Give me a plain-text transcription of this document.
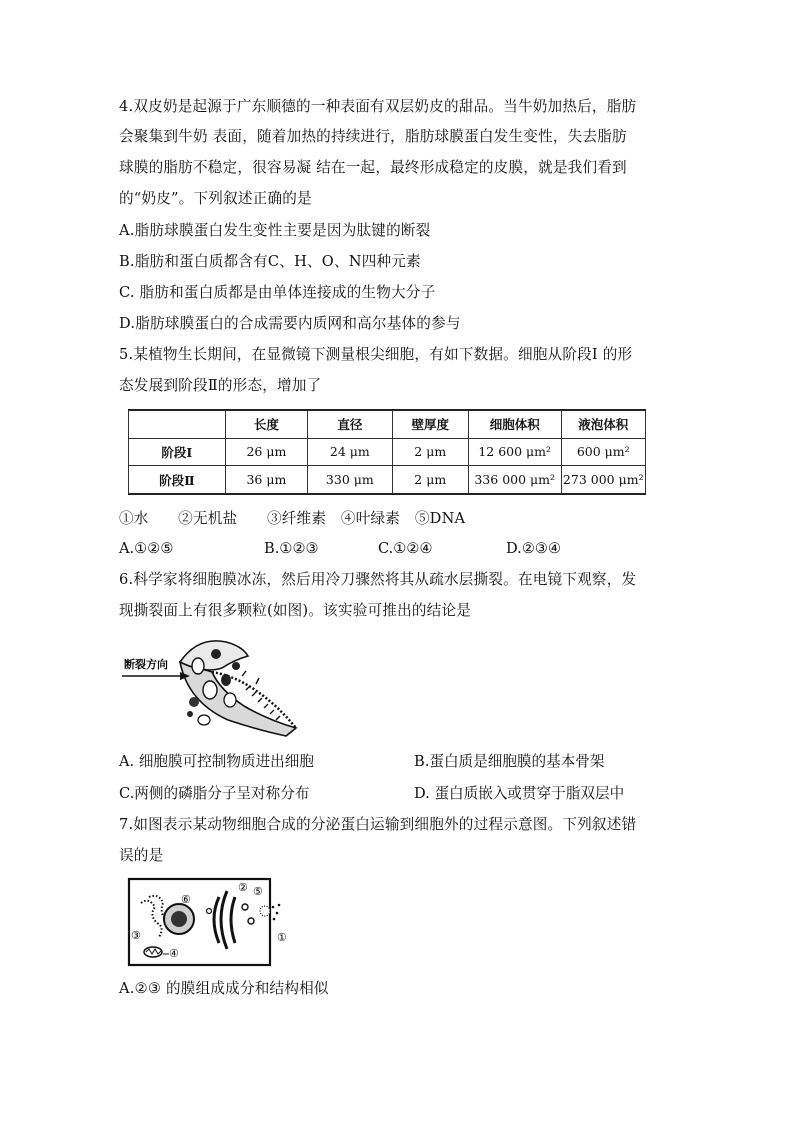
4.双皮奶是起源于广东顺德的一种表面有双层奶皮的甜品。当牛奶加热后，脂肪
会聚集到牛奶 表面，随着加热的持续进行，脂肪球膜蛋白发生变性，失去脂肪
球膜的脂肪不稳定，很容易凝 结在一起，最终形成稳定的皮膜，就是我们看到
的“奶皮”。下列叙述正确的是
A.脂肪球膜蛋白发生变性主要是因为肽键的断裂
B.脂肪和蛋白质都含有C、H、O、N四种元素
C. 脂肪和蛋白质都是由单体连接成的生物大分子
D.脂肪球膜蛋白的合成需要内质网和高尔基体的参与
5.某植物生长期间，在显微镜下测量根尖细胞，有如下数据。细胞从阶段I 的形
态发展到阶段Ⅱ的形态，增加了
	长度	直径	壁厚度	细胞体积	液泡体积
阶段Ⅰ	26 μm	24 μm	2 μm	12 600 μm²	600 μm²
阶段Ⅱ	36 μm	330 μm	2 μm	336 000 μm²	273 000 μm²
①水　　②无机盐　　③纤维素　④叶绿素　⑤DNA
A.①②⑤	B.①②③	C.①②④	D.②③④
6.科学家将细胞膜冰冻，然后用冷刀骤然将其从疏水层撕裂。在电镜下观察，发
现撕裂面上有很多颗粒(如图)。该实验可推出的结论是
断裂方向
A. 细胞膜可控制物质进出细胞	B.蛋白质是细胞膜的基本骨架
C.两侧的磷脂分子呈对称分布	D. 蛋白质嵌入或贯穿于脂双层中
7.如图表示某动物细胞合成的分泌蛋白运输到细胞外的过程示意图。下列叙述错
误的是
①
②
③
④
⑤
⑥
A.②③ 的膜组成成分和结构相似
